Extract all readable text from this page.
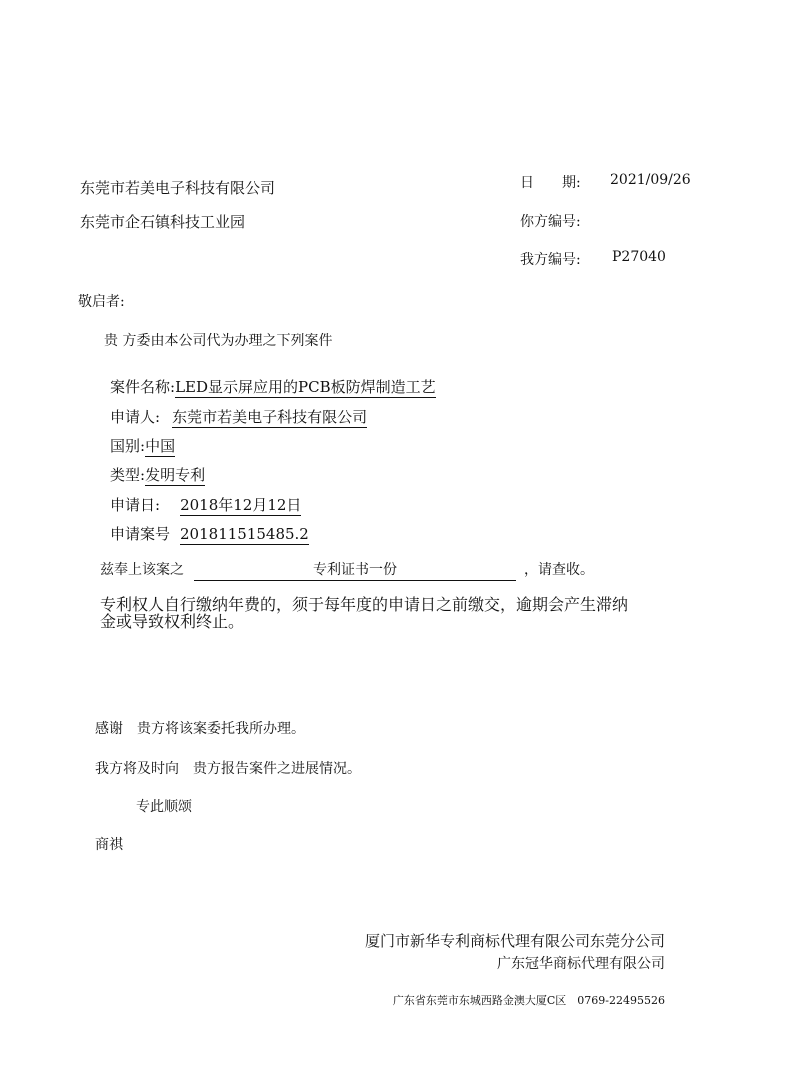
东莞市若美电子科技有限公司
东莞市企石镇科技工业园
日　　期: 2021/09/26
你方编号:
我方编号: P27040
敬启者:
贵 方委由本公司代为办理之下列案件
案件名称:LED显示屏应用的PCB板防焊制造工艺
申请人: 东莞市若美电子科技有限公司
国别:中国
类型:发明专利
申请日: 2018年12月12日
申请案号 201811515485.2
兹奉上该案之	专利证书一份	，请查收。
专利权人自行缴纳年费的，须于每年度的申请日之前缴交，逾期会产生滞纳
金或导致权利终止。
感谢　贵方将该案委托我所办理。
我方将及时向　贵方报告案件之进展情况。
专此顺颂
商祺
厦门市新华专利商标代理有限公司东莞分公司
广东冠华商标代理有限公司
广东省东莞市东城西路金澳大厦C区　0769-22495526
